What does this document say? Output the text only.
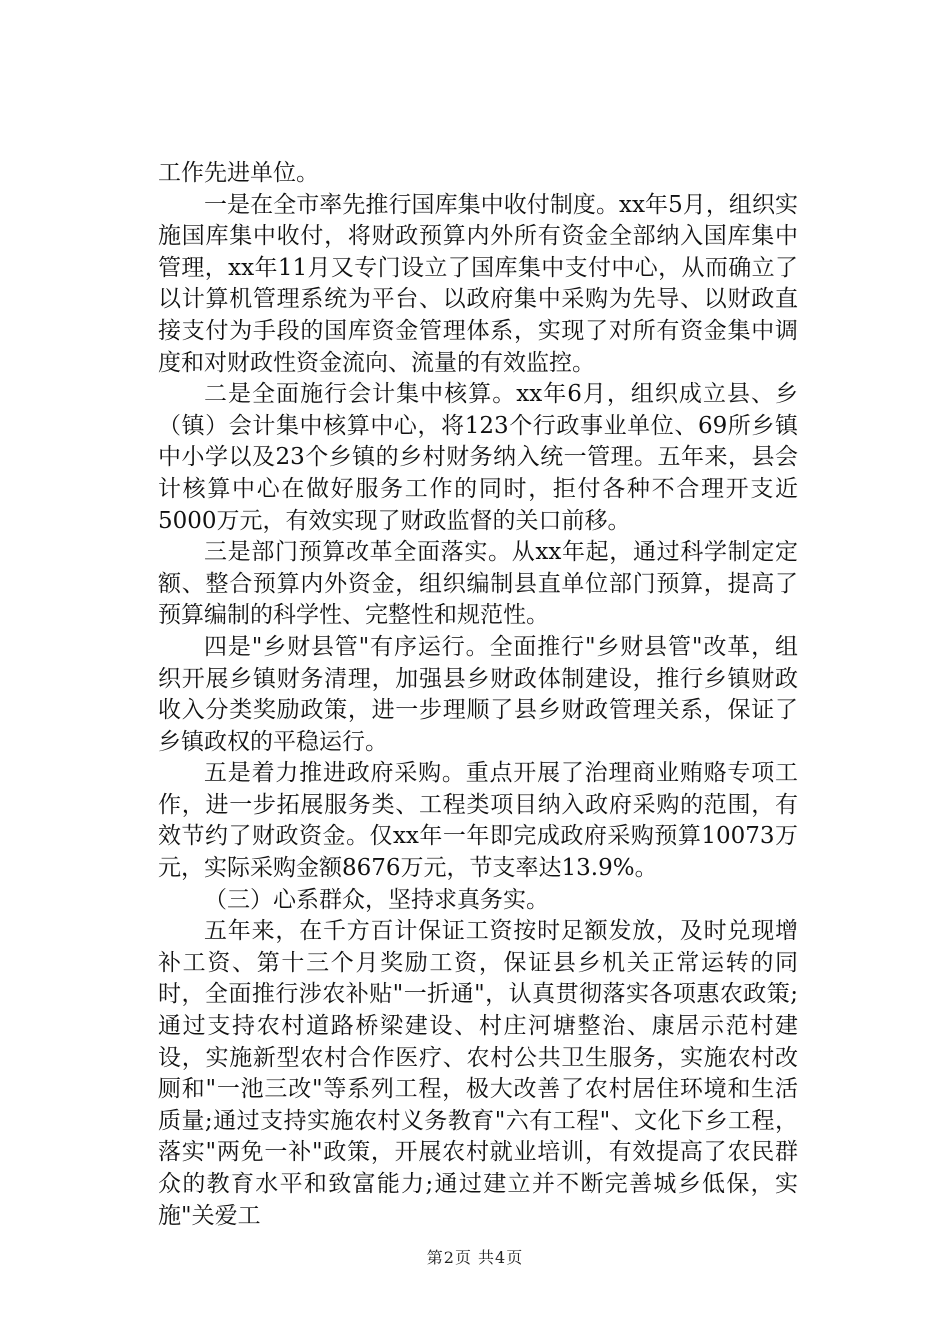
工作先进单位。

一是在全市率先推行国库集中收付制度。xx年5月，组织实施国库集中收付，将财政预算内外所有资金全部纳入国库集中管理，xx年11月又专门设立了国库集中支付中心，从而确立了以计算机管理系统为平台、以政府集中采购为先导、以财政直接支付为手段的国库资金管理体系，实现了对所有资金集中调度和对财政性资金流向、流量的有效监控。

二是全面施行会计集中核算。xx年6月，组织成立县、乡（镇）会计集中核算中心，将123个行政事业单位、69所乡镇中小学以及23个乡镇的乡村财务纳入统一管理。五年来，县会计核算中心在做好服务工作的同时，拒付各种不合理开支近5000万元，有效实现了财政监督的关口前移。

三是部门预算改革全面落实。从xx年起，通过科学制定定额、整合预算内外资金，组织编制县直单位部门预算，提高了预算编制的科学性、完整性和规范性。

四是"乡财县管"有序运行。全面推行"乡财县管"改革，组织开展乡镇财务清理，加强县乡财政体制建设，推行乡镇财政收入分类奖励政策，进一步理顺了县乡财政管理关系，保证了乡镇政权的平稳运行。

五是着力推进政府采购。重点开展了治理商业贿赂专项工作，进一步拓展服务类、工程类项目纳入政府采购的范围，有效节约了财政资金。仅xx年一年即完成政府采购预算10073万元，实际采购金额8676万元，节支率达13.9%。

（三）心系群众，坚持求真务实。

五年来，在千方百计保证工资按时足额发放，及时兑现增补工资、第十三个月奖励工资，保证县乡机关正常运转的同时，全面推行涉农补贴"一折通"，认真贯彻落实各项惠农政策;通过支持农村道路桥梁建设、村庄河塘整治、康居示范村建设，实施新型农村合作医疗、农村公共卫生服务，实施农村改厕和"一池三改"等系列工程，极大改善了农村居住环境和生活质量;通过支持实施农村义务教育"六有工程"、文化下乡工程，落实"两免一补"政策，开展农村就业培训，有效提高了农民群众的教育水平和致富能力;通过建立并不断完善城乡低保，实施"关爱工

第2页 共4页
